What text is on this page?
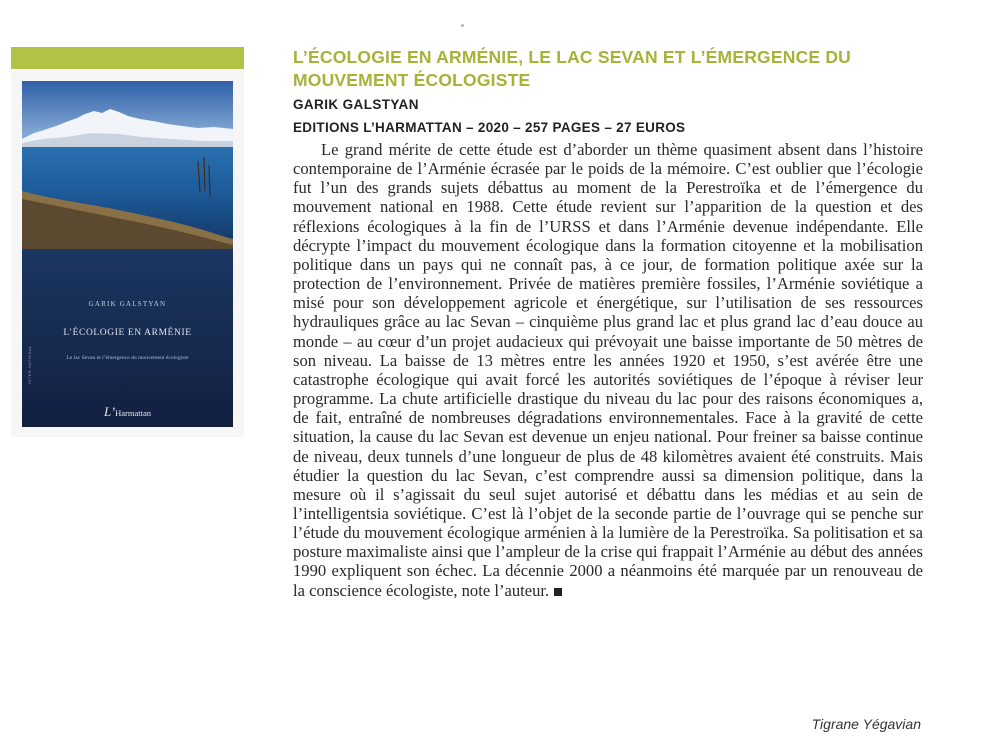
GARIK GALSTYAN
L’ÉCOLOGIE EN ARMÉNIE
Le lac Sevan et l’émergence du mouvement écologiste
INTER-NATIONAL
L’Harmattan
L’ÉCOLOGIE EN ARMÉNIE, LE LAC SEVAN ET L’ÉMERGENCE DU MOUVEMENT ÉCOLOGISTE
GARIK GALSTYAN
EDITIONS L’HARMATTAN – 2020 – 257 PAGES – 27 EUROS

Le grand mérite de cette étude est d’aborder un thème quasiment absent dans l’histoire contemporaine de l’Arménie écrasée par le poids de la mémoire. C’est oublier que l’écologie fut l’un des grands sujets débattus au moment de la Perestroïka et de l’émergence du mouvement national en 1988. Cette étude revient sur l’apparition de la question et des réflexions écologiques à la fin de l’URSS et dans l’Arménie devenue indépendante. Elle décrypte l’impact du mouvement écologique dans la formation citoyenne et la mobilisation politique dans un pays qui ne connaît pas, à ce jour, de formation politique axée sur la protection de l’environnement. Privée de matières première fossiles, l’Arménie soviétique a misé pour son développement agricole et énergétique, sur l’utilisation de ses ressources hydrauliques grâce au lac Sevan – cinquième plus grand lac et plus grand lac d’eau douce au monde – au cœur d’un projet audacieux qui prévoyait une baisse importante de 50 mètres de son niveau. La baisse de 13 mètres entre les années 1920 et 1950, s’est avérée être une catastrophe écologique qui avait forcé les autorités soviétiques de l’époque à réviser leur programme. La chute artificielle drastique du niveau du lac pour des raisons économiques a, de fait, entraîné de nombreuses dégradations environnementales. Face à la gravité de cette situation, la cause du lac Sevan est devenue un enjeu national. Pour freiner sa baisse continue de niveau, deux tunnels d’une longueur de plus de 48 kilomètres avaient été construits. Mais étudier la question du lac Sevan, c’est comprendre aussi sa dimension politique, dans la mesure où il s’agissait du seul sujet autorisé et débattu dans les médias et au sein de l’intelligentsia soviétique. C’est là l’objet de la seconde partie de l’ouvrage qui se penche sur l’étude du mouvement écologique arménien à la lumière de la Perestroïka. Sa politisation et sa posture maximaliste ainsi que l’ampleur de la crise qui frappait l’Arménie au début des années 1990 expliquent son échec. La décennie 2000 a néanmoins été marquée par un renouveau de la conscience écologiste, note l’auteur.

Tigrane Yégavian
